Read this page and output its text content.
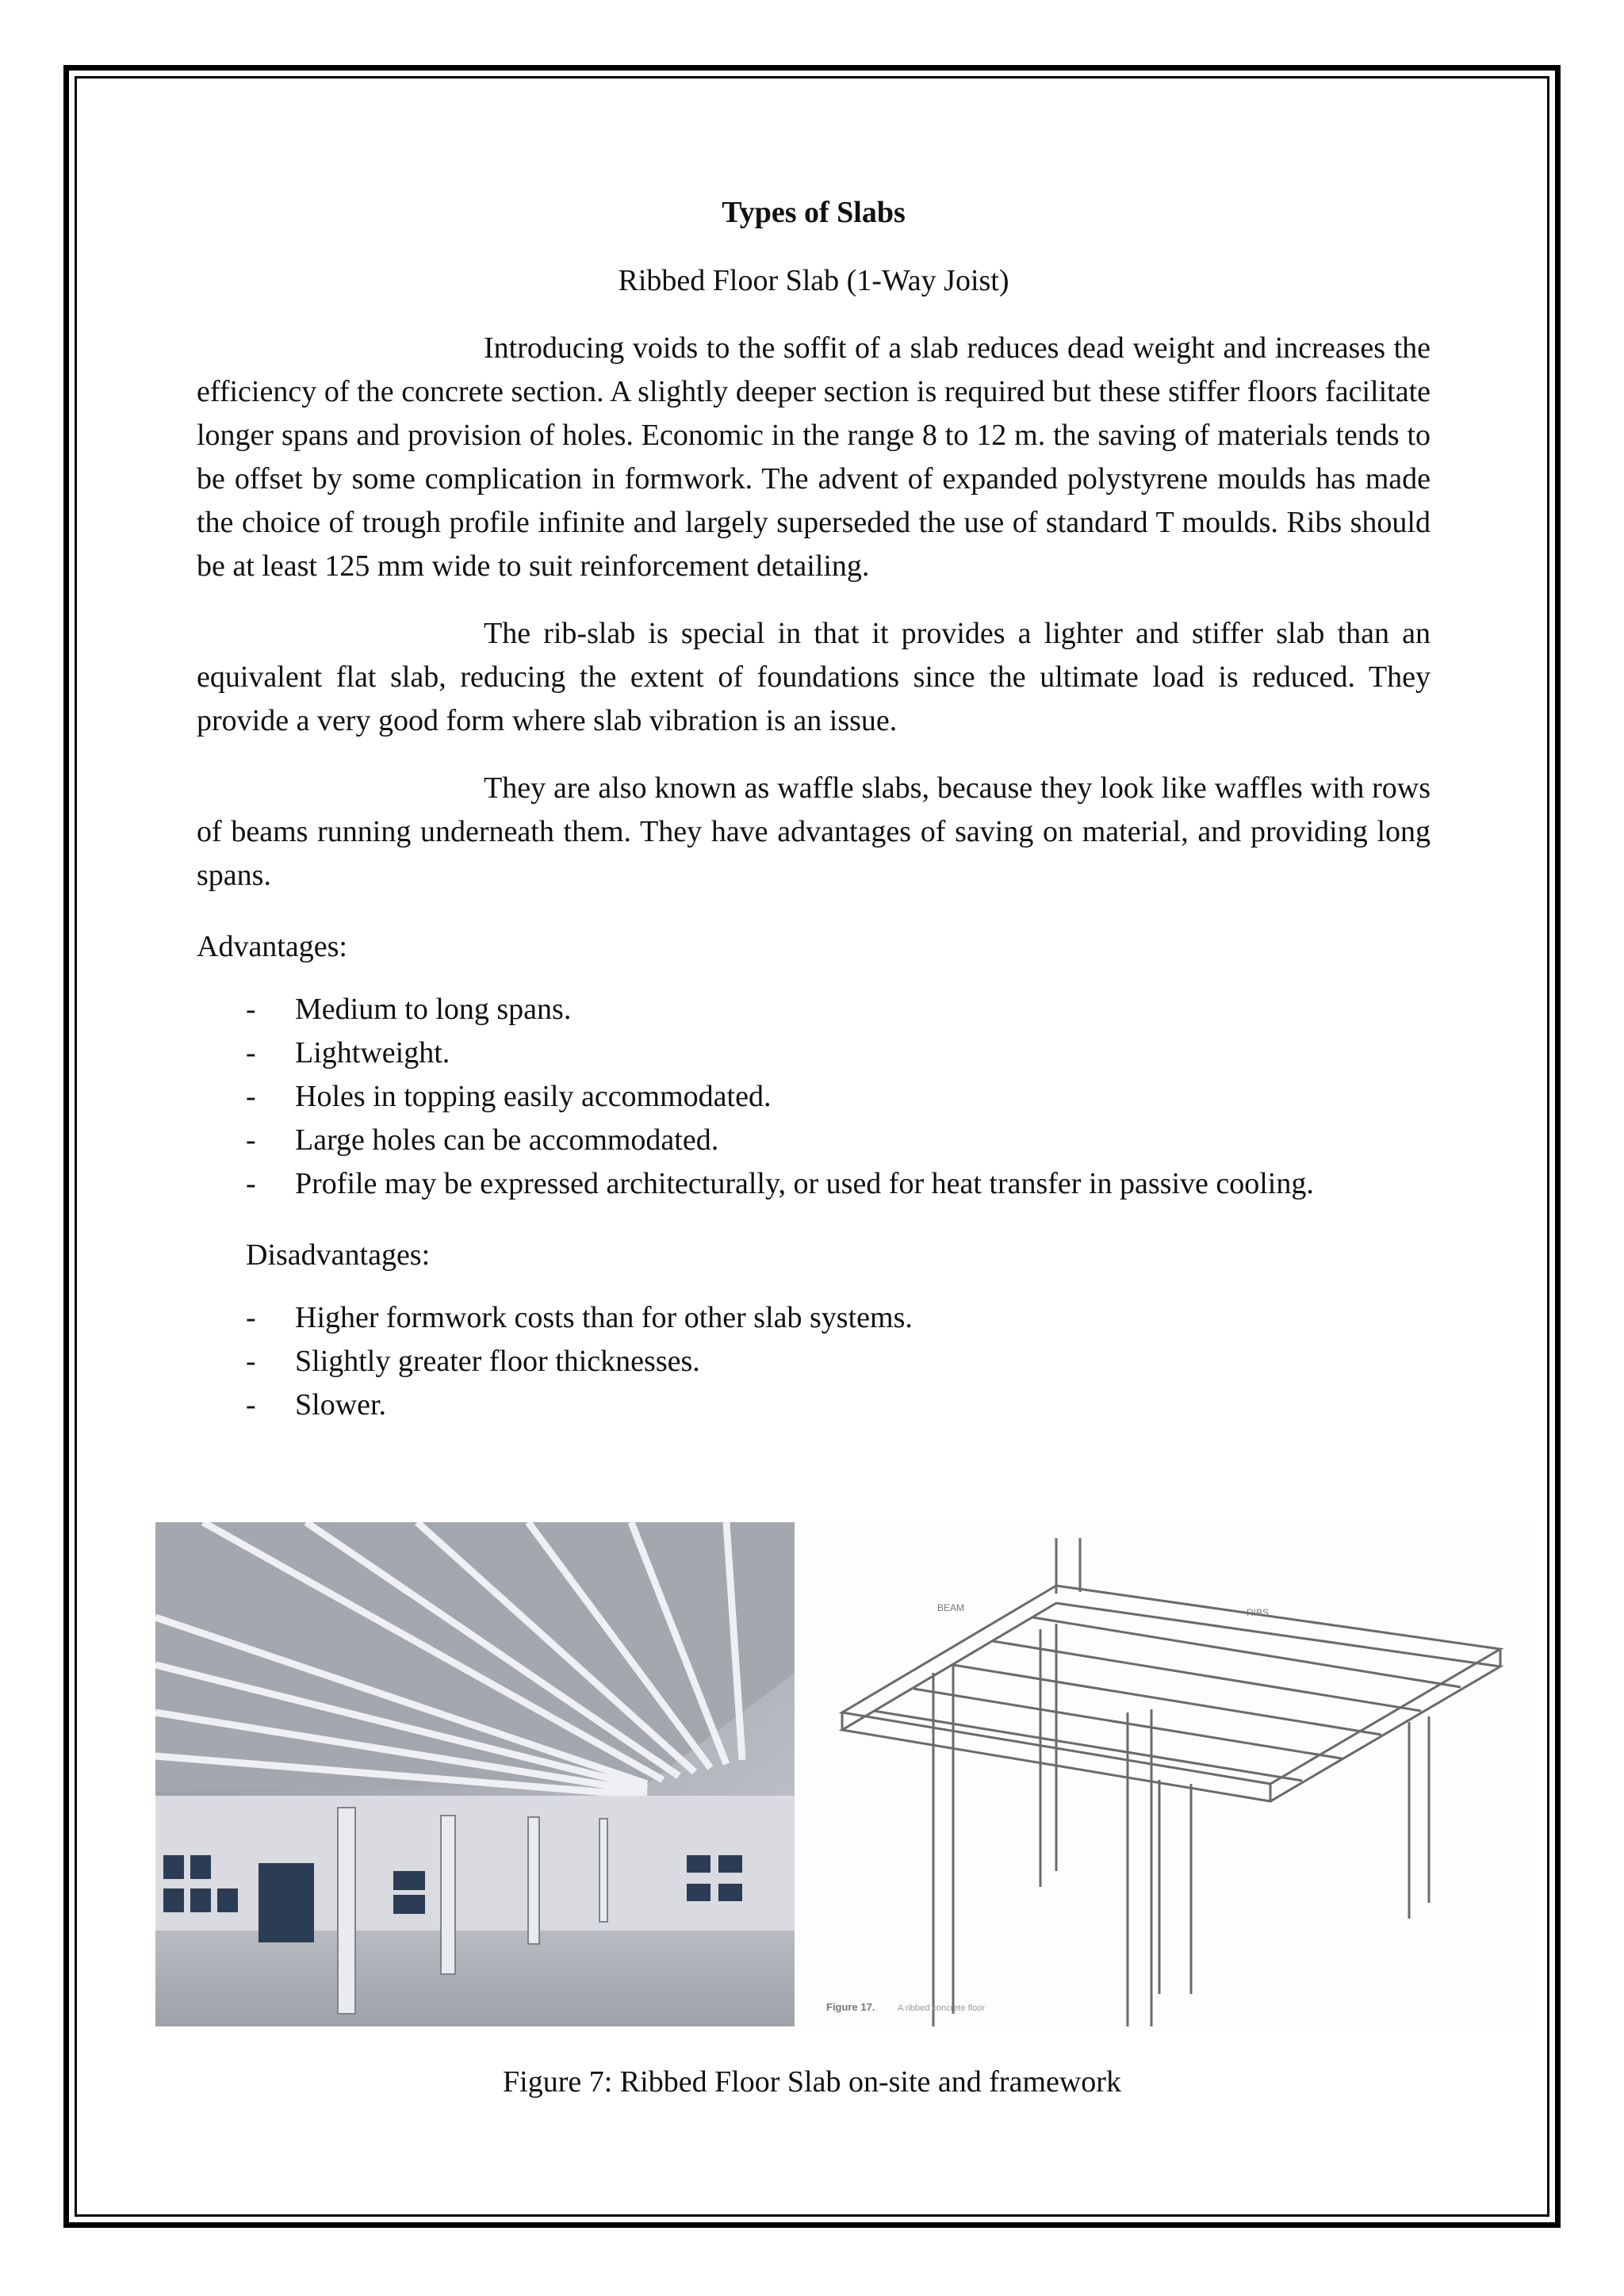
Types of Slabs
Ribbed Floor Slab (1-Way Joist)

Introducing voids to the soffit of a slab reduces dead weight and increases the efficiency of the concrete section. A slightly deeper section is required but these stiffer floors facilitate longer spans and provision of holes. Economic in the range 8 to 12 m. the saving of materials tends to be offset by some complication in formwork. The advent of expanded polystyrene moulds has made the choice of trough profile infinite and largely superseded the use of standard T moulds. Ribs should be at least 125 mm wide to suit reinforcement detailing.

The rib-slab is special in that it provides a lighter and stiffer slab than an equivalent flat slab, reducing the extent of foundations since the ultimate load is reduced. They provide a very good form where slab vibration is an issue.

They are also known as waffle slabs, because they look like waffles with rows of beams running underneath them. They have advantages of saving on material, and providing long spans.

Advantages:
- Medium to long spans.
- Lightweight.
- Holes in topping easily accommodated.
- Large holes can be accommodated.
- Profile may be expressed architecturally, or used for heat transfer in passive cooling.
Disadvantages:
- Higher formwork costs than for other slab systems.
- Slightly greater floor thicknesses.
- Slower.
BEAM	RIBS
Figure 17.	A ribbed concrete floor

Figure 7: Ribbed Floor Slab on-site and framework
